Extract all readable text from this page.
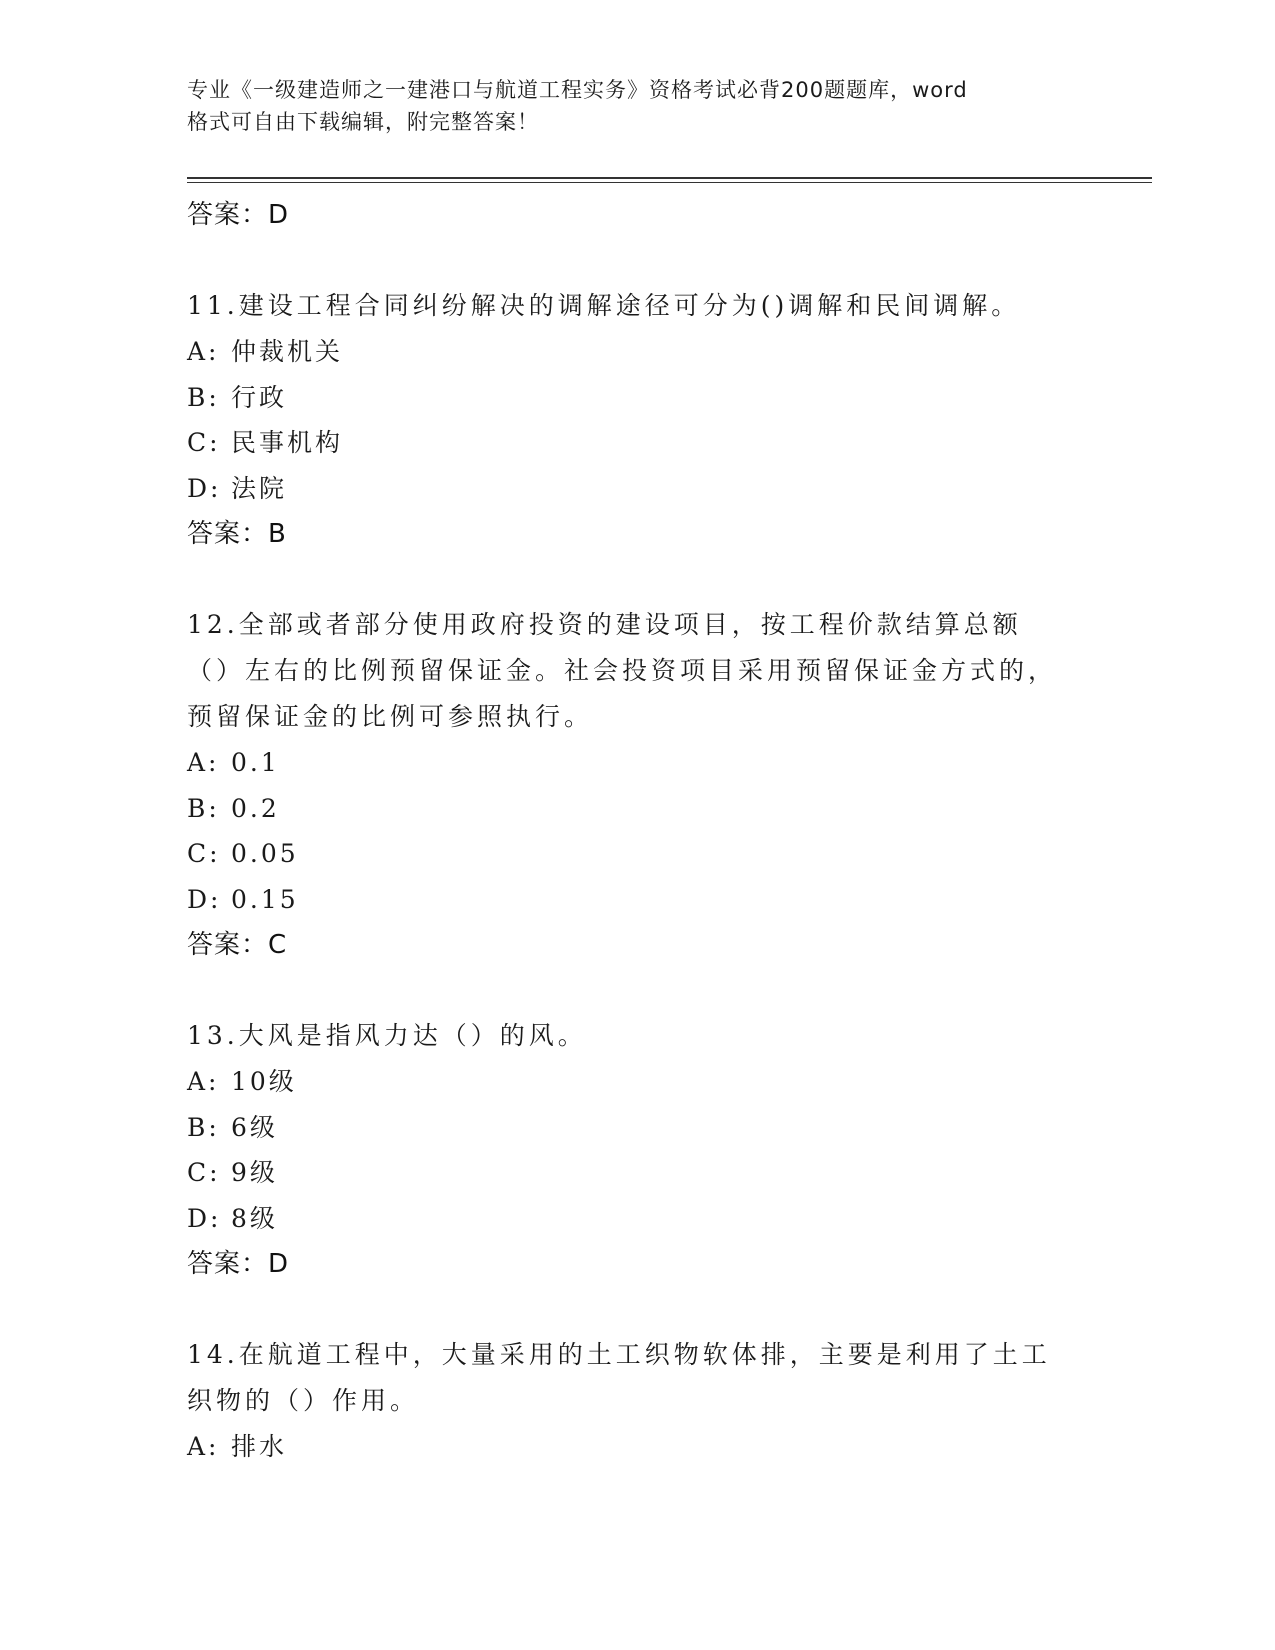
专业《一级建造师之一建港口与航道工程实务》资格考试必背200题题库，word
格式可自由下载编辑，附完整答案！
答案：D
11.建设工程合同纠纷解决的调解途径可分为()调解和民间调解。
A: 仲裁机关
B: 行政
C: 民事机构
D: 法院
答案：B
12.全部或者部分使用政府投资的建设项目，按工程价款结算总额（）左右的比例预留保证金。社会投资项目采用预留保证金方式的，预留保证金的比例可参照执行。
A: 0.1
B: 0.2
C: 0.05
D: 0.15
答案：C
13.大风是指风力达（）的风。
A: 10级
B: 6级
C: 9级
D: 8级
答案：D
14.在航道工程中，大量采用的土工织物软体排，主要是利用了土工织物的（）作用。
A: 排水
